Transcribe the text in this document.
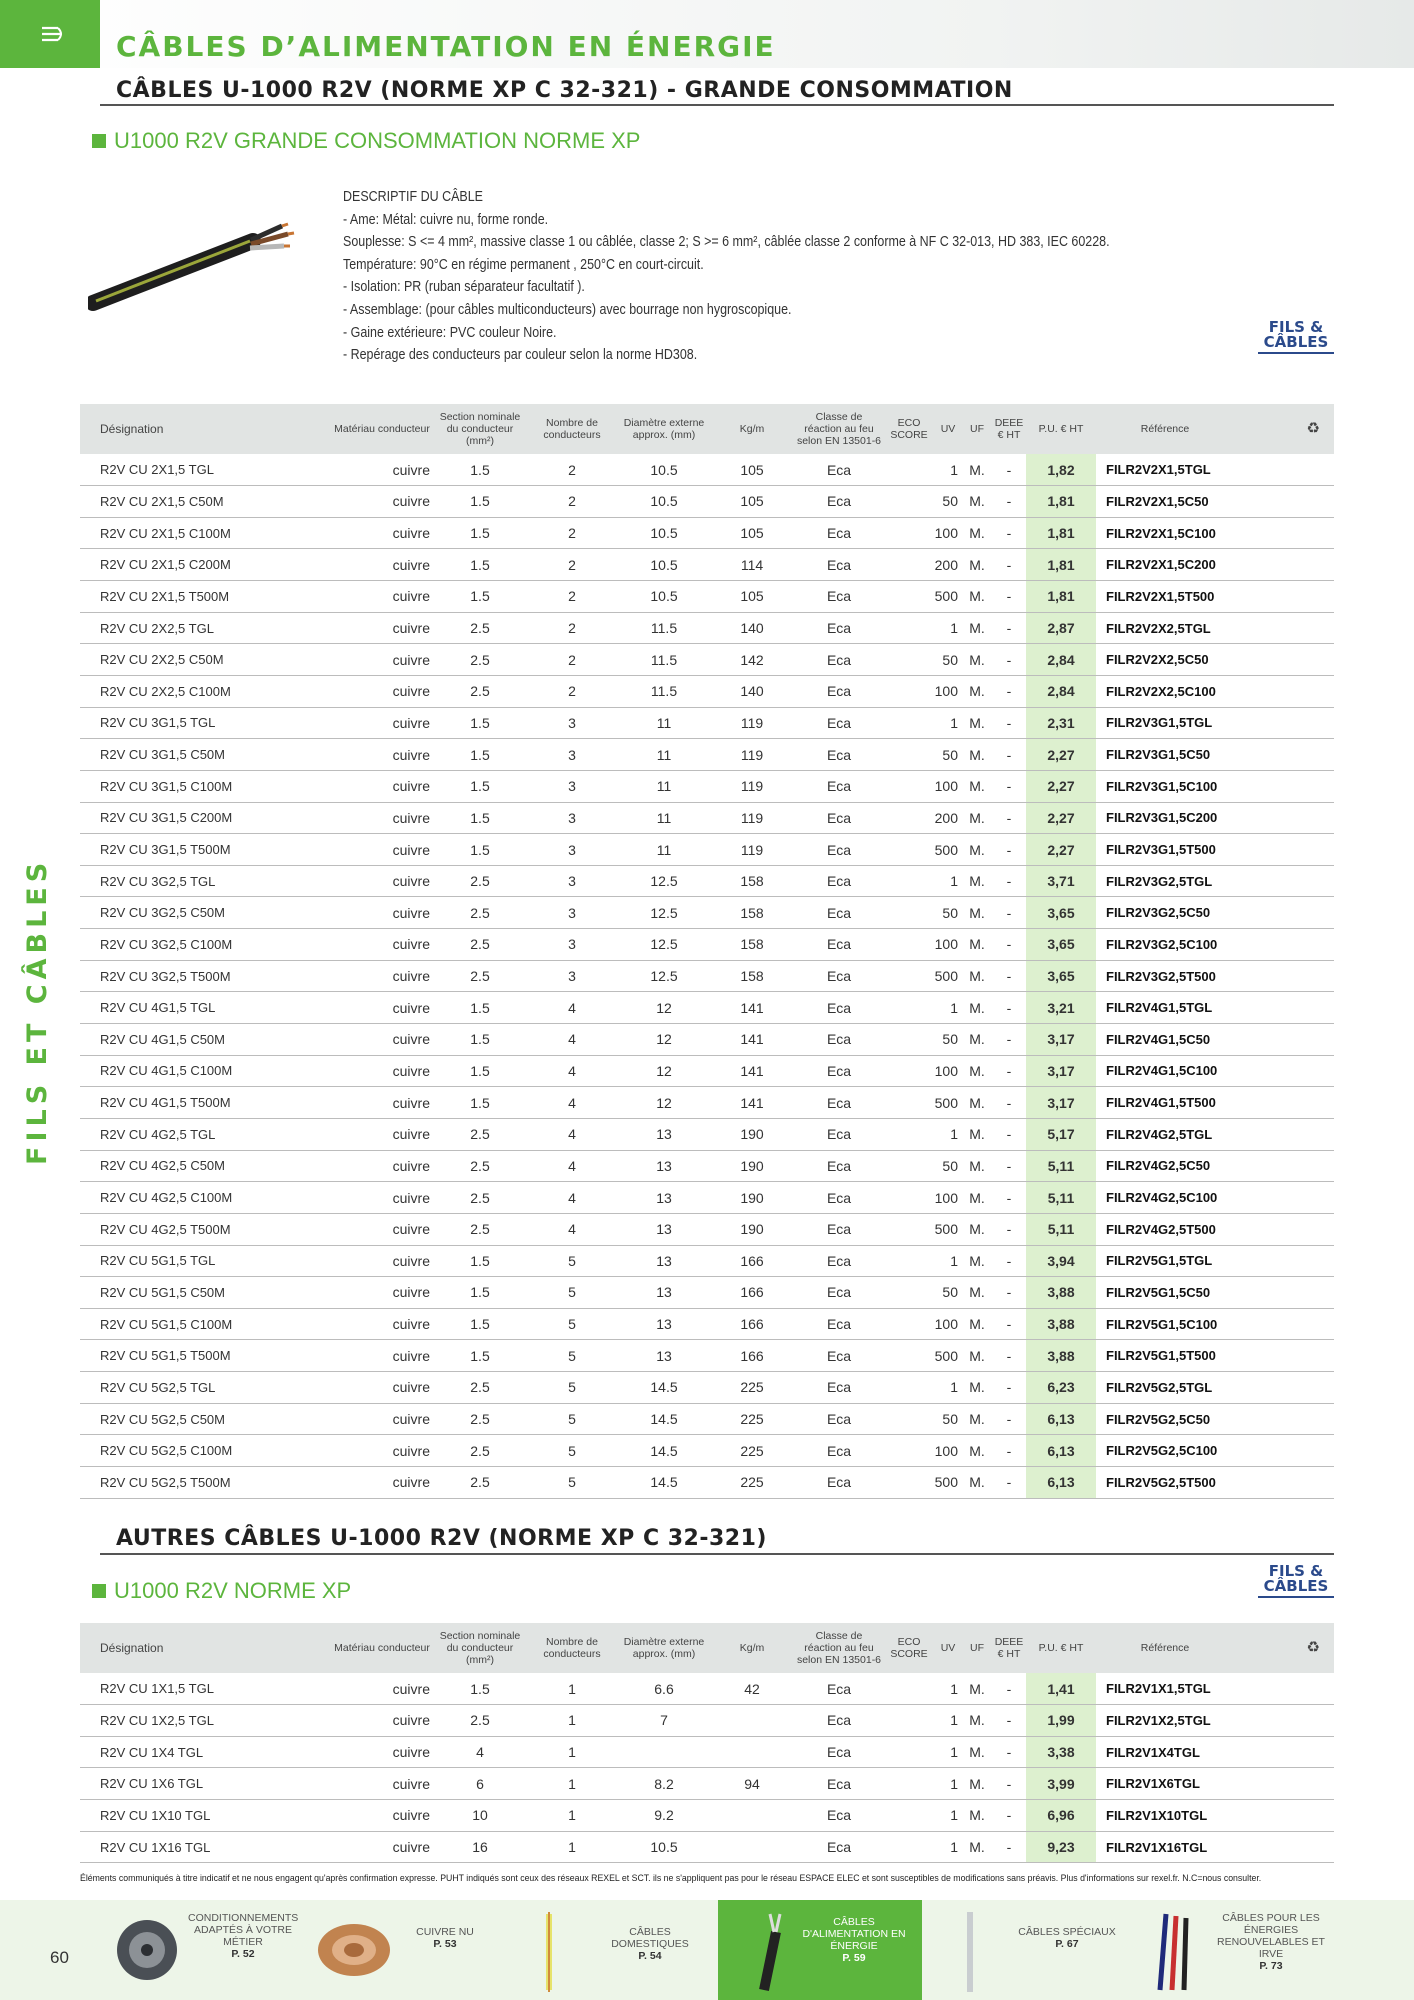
CÂBLES D’ALIMENTATION EN ÉNERGIE
CÂBLES U-1000 R2V (NORME XP C 32-321) - GRANDE CONSOMMATION
U1000 R2V GRANDE CONSOMMATION NORME XP
DESCRIPTIF DU CÂBLE
- Ame: Métal: cuivre nu, forme ronde.
Souplesse: S <= 4 mm², massive classe 1 ou câblée, classe 2; S >= 6 mm², câblée classe 2 conforme à NF C 32-013, HD 383, IEC 60228.
Température: 90°C en régime permanent , 250°C en court-circuit.
- Isolation: PR (ruban séparateur facultatif ).
- Assemblage: (pour câbles multiconducteurs) avec bourrage non hygroscopique.
- Gaine extérieure: PVC couleur Noire.
- Repérage des conducteurs par couleur selon la norme HD308.
FILS &
CÂBLES
FILS &
CÂBLES
FILS ET CÂBLES
Désignation	Matériau conducteur	Section nominale du conducteur (mm²)	Nombre de conducteurs	Diamètre externe approx. (mm)	Kg/m	Classe de réaction au feu selon EN 13501-6	ECO SCORE	UV	UF	DEEE € HT	P.U. € HT	Référence	♻
R2V CU 2X1,5 TGL	cuivre	1.5	2	10.5	105	Eca		1	M.	-	1,82	FILR2V2X1,5TGL	
R2V CU 2X1,5 C50M	cuivre	1.5	2	10.5	105	Eca		50	M.	-	1,81	FILR2V2X1,5C50	
R2V CU 2X1,5 C100M	cuivre	1.5	2	10.5	105	Eca		100	M.	-	1,81	FILR2V2X1,5C100	
R2V CU 2X1,5 C200M	cuivre	1.5	2	10.5	114	Eca		200	M.	-	1,81	FILR2V2X1,5C200	
R2V CU 2X1,5 T500M	cuivre	1.5	2	10.5	105	Eca		500	M.	-	1,81	FILR2V2X1,5T500	
R2V CU 2X2,5 TGL	cuivre	2.5	2	11.5	140	Eca		1	M.	-	2,87	FILR2V2X2,5TGL	
R2V CU 2X2,5 C50M	cuivre	2.5	2	11.5	142	Eca		50	M.	-	2,84	FILR2V2X2,5C50	
R2V CU 2X2,5 C100M	cuivre	2.5	2	11.5	140	Eca		100	M.	-	2,84	FILR2V2X2,5C100	
R2V CU 3G1,5 TGL	cuivre	1.5	3	11	119	Eca		1	M.	-	2,31	FILR2V3G1,5TGL	
R2V CU 3G1,5 C50M	cuivre	1.5	3	11	119	Eca		50	M.	-	2,27	FILR2V3G1,5C50	
R2V CU 3G1,5 C100M	cuivre	1.5	3	11	119	Eca		100	M.	-	2,27	FILR2V3G1,5C100	
R2V CU 3G1,5 C200M	cuivre	1.5	3	11	119	Eca		200	M.	-	2,27	FILR2V3G1,5C200	
R2V CU 3G1,5 T500M	cuivre	1.5	3	11	119	Eca		500	M.	-	2,27	FILR2V3G1,5T500	
R2V CU 3G2,5 TGL	cuivre	2.5	3	12.5	158	Eca		1	M.	-	3,71	FILR2V3G2,5TGL	
R2V CU 3G2,5 C50M	cuivre	2.5	3	12.5	158	Eca		50	M.	-	3,65	FILR2V3G2,5C50	
R2V CU 3G2,5 C100M	cuivre	2.5	3	12.5	158	Eca		100	M.	-	3,65	FILR2V3G2,5C100	
R2V CU 3G2,5 T500M	cuivre	2.5	3	12.5	158	Eca		500	M.	-	3,65	FILR2V3G2,5T500	
R2V CU 4G1,5 TGL	cuivre	1.5	4	12	141	Eca		1	M.	-	3,21	FILR2V4G1,5TGL	
R2V CU 4G1,5 C50M	cuivre	1.5	4	12	141	Eca		50	M.	-	3,17	FILR2V4G1,5C50	
R2V CU 4G1,5 C100M	cuivre	1.5	4	12	141	Eca		100	M.	-	3,17	FILR2V4G1,5C100	
R2V CU 4G1,5 T500M	cuivre	1.5	4	12	141	Eca		500	M.	-	3,17	FILR2V4G1,5T500	
R2V CU 4G2,5 TGL	cuivre	2.5	4	13	190	Eca		1	M.	-	5,17	FILR2V4G2,5TGL	
R2V CU 4G2,5 C50M	cuivre	2.5	4	13	190	Eca		50	M.	-	5,11	FILR2V4G2,5C50	
R2V CU 4G2,5 C100M	cuivre	2.5	4	13	190	Eca		100	M.	-	5,11	FILR2V4G2,5C100	
R2V CU 4G2,5 T500M	cuivre	2.5	4	13	190	Eca		500	M.	-	5,11	FILR2V4G2,5T500	
R2V CU 5G1,5 TGL	cuivre	1.5	5	13	166	Eca		1	M.	-	3,94	FILR2V5G1,5TGL	
R2V CU 5G1,5 C50M	cuivre	1.5	5	13	166	Eca		50	M.	-	3,88	FILR2V5G1,5C50	
R2V CU 5G1,5 C100M	cuivre	1.5	5	13	166	Eca		100	M.	-	3,88	FILR2V5G1,5C100	
R2V CU 5G1,5 T500M	cuivre	1.5	5	13	166	Eca		500	M.	-	3,88	FILR2V5G1,5T500	
R2V CU 5G2,5 TGL	cuivre	2.5	5	14.5	225	Eca		1	M.	-	6,23	FILR2V5G2,5TGL	
R2V CU 5G2,5 C50M	cuivre	2.5	5	14.5	225	Eca		50	M.	-	6,13	FILR2V5G2,5C50	
R2V CU 5G2,5 C100M	cuivre	2.5	5	14.5	225	Eca		100	M.	-	6,13	FILR2V5G2,5C100	
R2V CU 5G2,5 T500M	cuivre	2.5	5	14.5	225	Eca		500	M.	-	6,13	FILR2V5G2,5T500	
AUTRES CÂBLES U-1000 R2V (NORME XP C 32-321)
U1000 R2V NORME XP
Désignation	Matériau conducteur	Section nominale du conducteur (mm²)	Nombre de conducteurs	Diamètre externe approx. (mm)	Kg/m	Classe de réaction au feu selon EN 13501-6	ECO SCORE	UV	UF	DEEE € HT	P.U. € HT	Référence	♻
R2V CU 1X1,5 TGL	cuivre	1.5	1	6.6	42	Eca		1	M.	-	1,41	FILR2V1X1,5TGL	
R2V CU 1X2,5 TGL	cuivre	2.5	1	7		Eca		1	M.	-	1,99	FILR2V1X2,5TGL	
R2V CU 1X4 TGL	cuivre	4	1			Eca		1	M.	-	3,38	FILR2V1X4TGL	
R2V CU 1X6 TGL	cuivre	6	1	8.2	94	Eca		1	M.	-	3,99	FILR2V1X6TGL	
R2V CU 1X10 TGL	cuivre	10	1	9.2		Eca		1	M.	-	6,96	FILR2V1X10TGL	
R2V CU 1X16 TGL	cuivre	16	1	10.5		Eca		1	M.	-	9,23	FILR2V1X16TGL	
Éléments communiqués à titre indicatif et ne nous engagent qu'après confirmation expresse. PUHT indiqués sont ceux des réseaux REXEL et SCT. ils ne s'appliquent pas pour le réseau ESPACE ELEC et sont susceptibles de modifications sans préavis. Plus d'informations sur rexel.fr. N.C=nous consulter.
60
CONDITIONNEMENTS ADAPTÉS À VOTRE MÉTIER
P. 52
CUIVRE NU
P. 53
CÂBLES DOMESTIQUES
P. 54
CÂBLES D'ALIMENTATION EN ÉNERGIE
P. 59
CÂBLES SPÉCIAUX
P. 67
CÂBLES POUR LES ÉNERGIES RENOUVELABLES ET IRVE
P. 73
